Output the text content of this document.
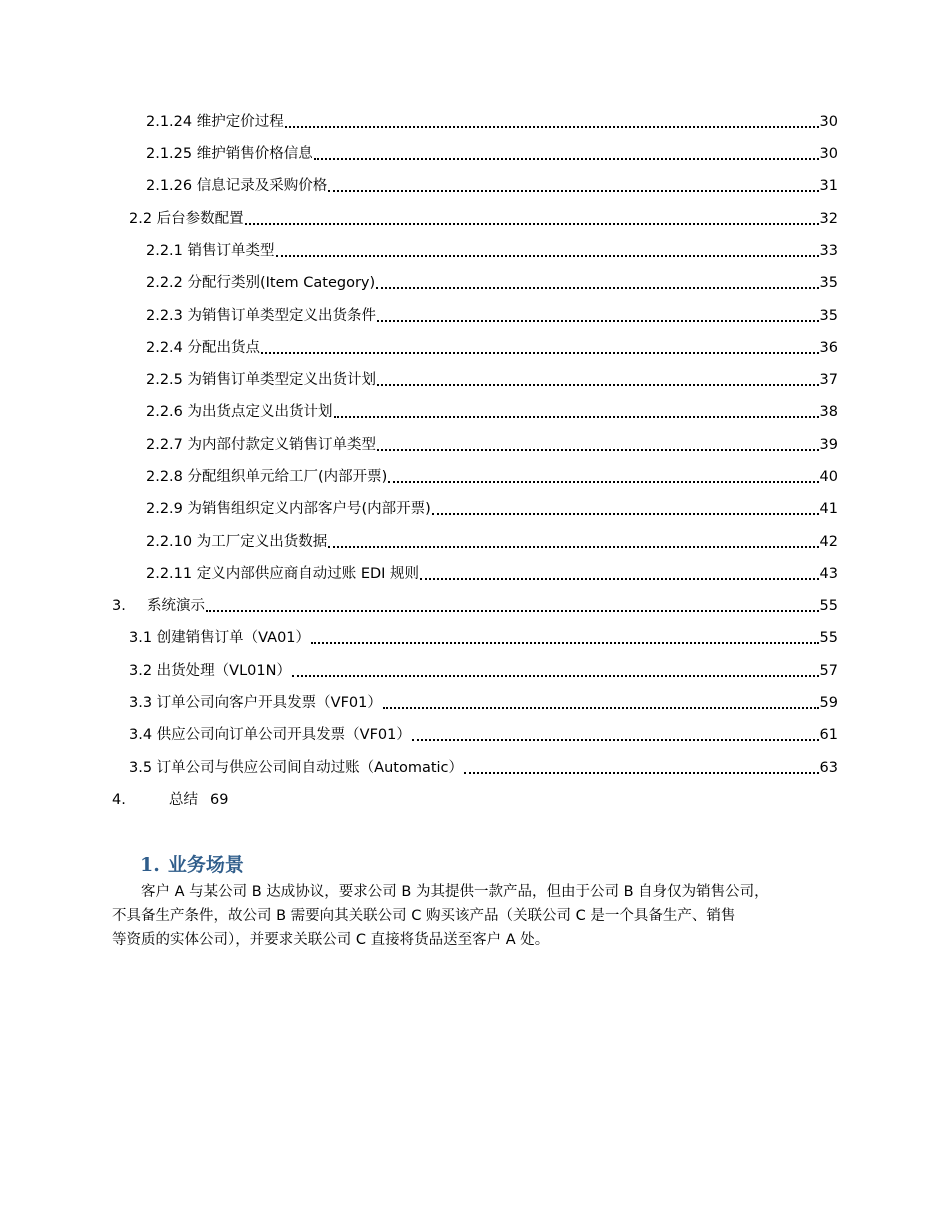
2.1.24 维护定价过程	30
2.1.25 维护销售价格信息	30
2.1.26 信息记录及采购价格	31
2.2 后台参数配置	32
2.2.1 销售订单类型	33
2.2.2 分配行类别(Item Category)	35
2.2.3 为销售订单类型定义出货条件	35
2.2.4 分配出货点	36
2.2.5 为销售订单类型定义出货计划	37
2.2.6 为出货点定义出货计划	38
2.2.7 为内部付款定义销售订单类型	39
2.2.8 分配组织单元给工厂(内部开票)	40
2.2.9 为销售组织定义内部客户号(内部开票)	41
2.2.10 为工厂定义出货数据	42
2.2.11 定义内部供应商自动过账 EDI 规则	43
3. 系统演示	55
3.1 创建销售订单（VA01）	55
3.2 出货处理（VL01N）	57
3.3 订单公司向客户开具发票（VF01）	59
3.4 供应公司向订单公司开具发票（VF01）	61
3.5 订单公司与供应公司间自动过账（Automatic）	63
4.	总结 69
1. 业务场景
客户 A 与某公司 B 达成协议，要求公司 B 为其提供一款产品，但由于公司 B 自身仅为销售公司，
不具备生产条件，故公司 B 需要向其关联公司 C 购买该产品（关联公司 C 是一个具备生产、销售
等资质的实体公司），并要求关联公司 C 直接将货品送至客户 A 处。
